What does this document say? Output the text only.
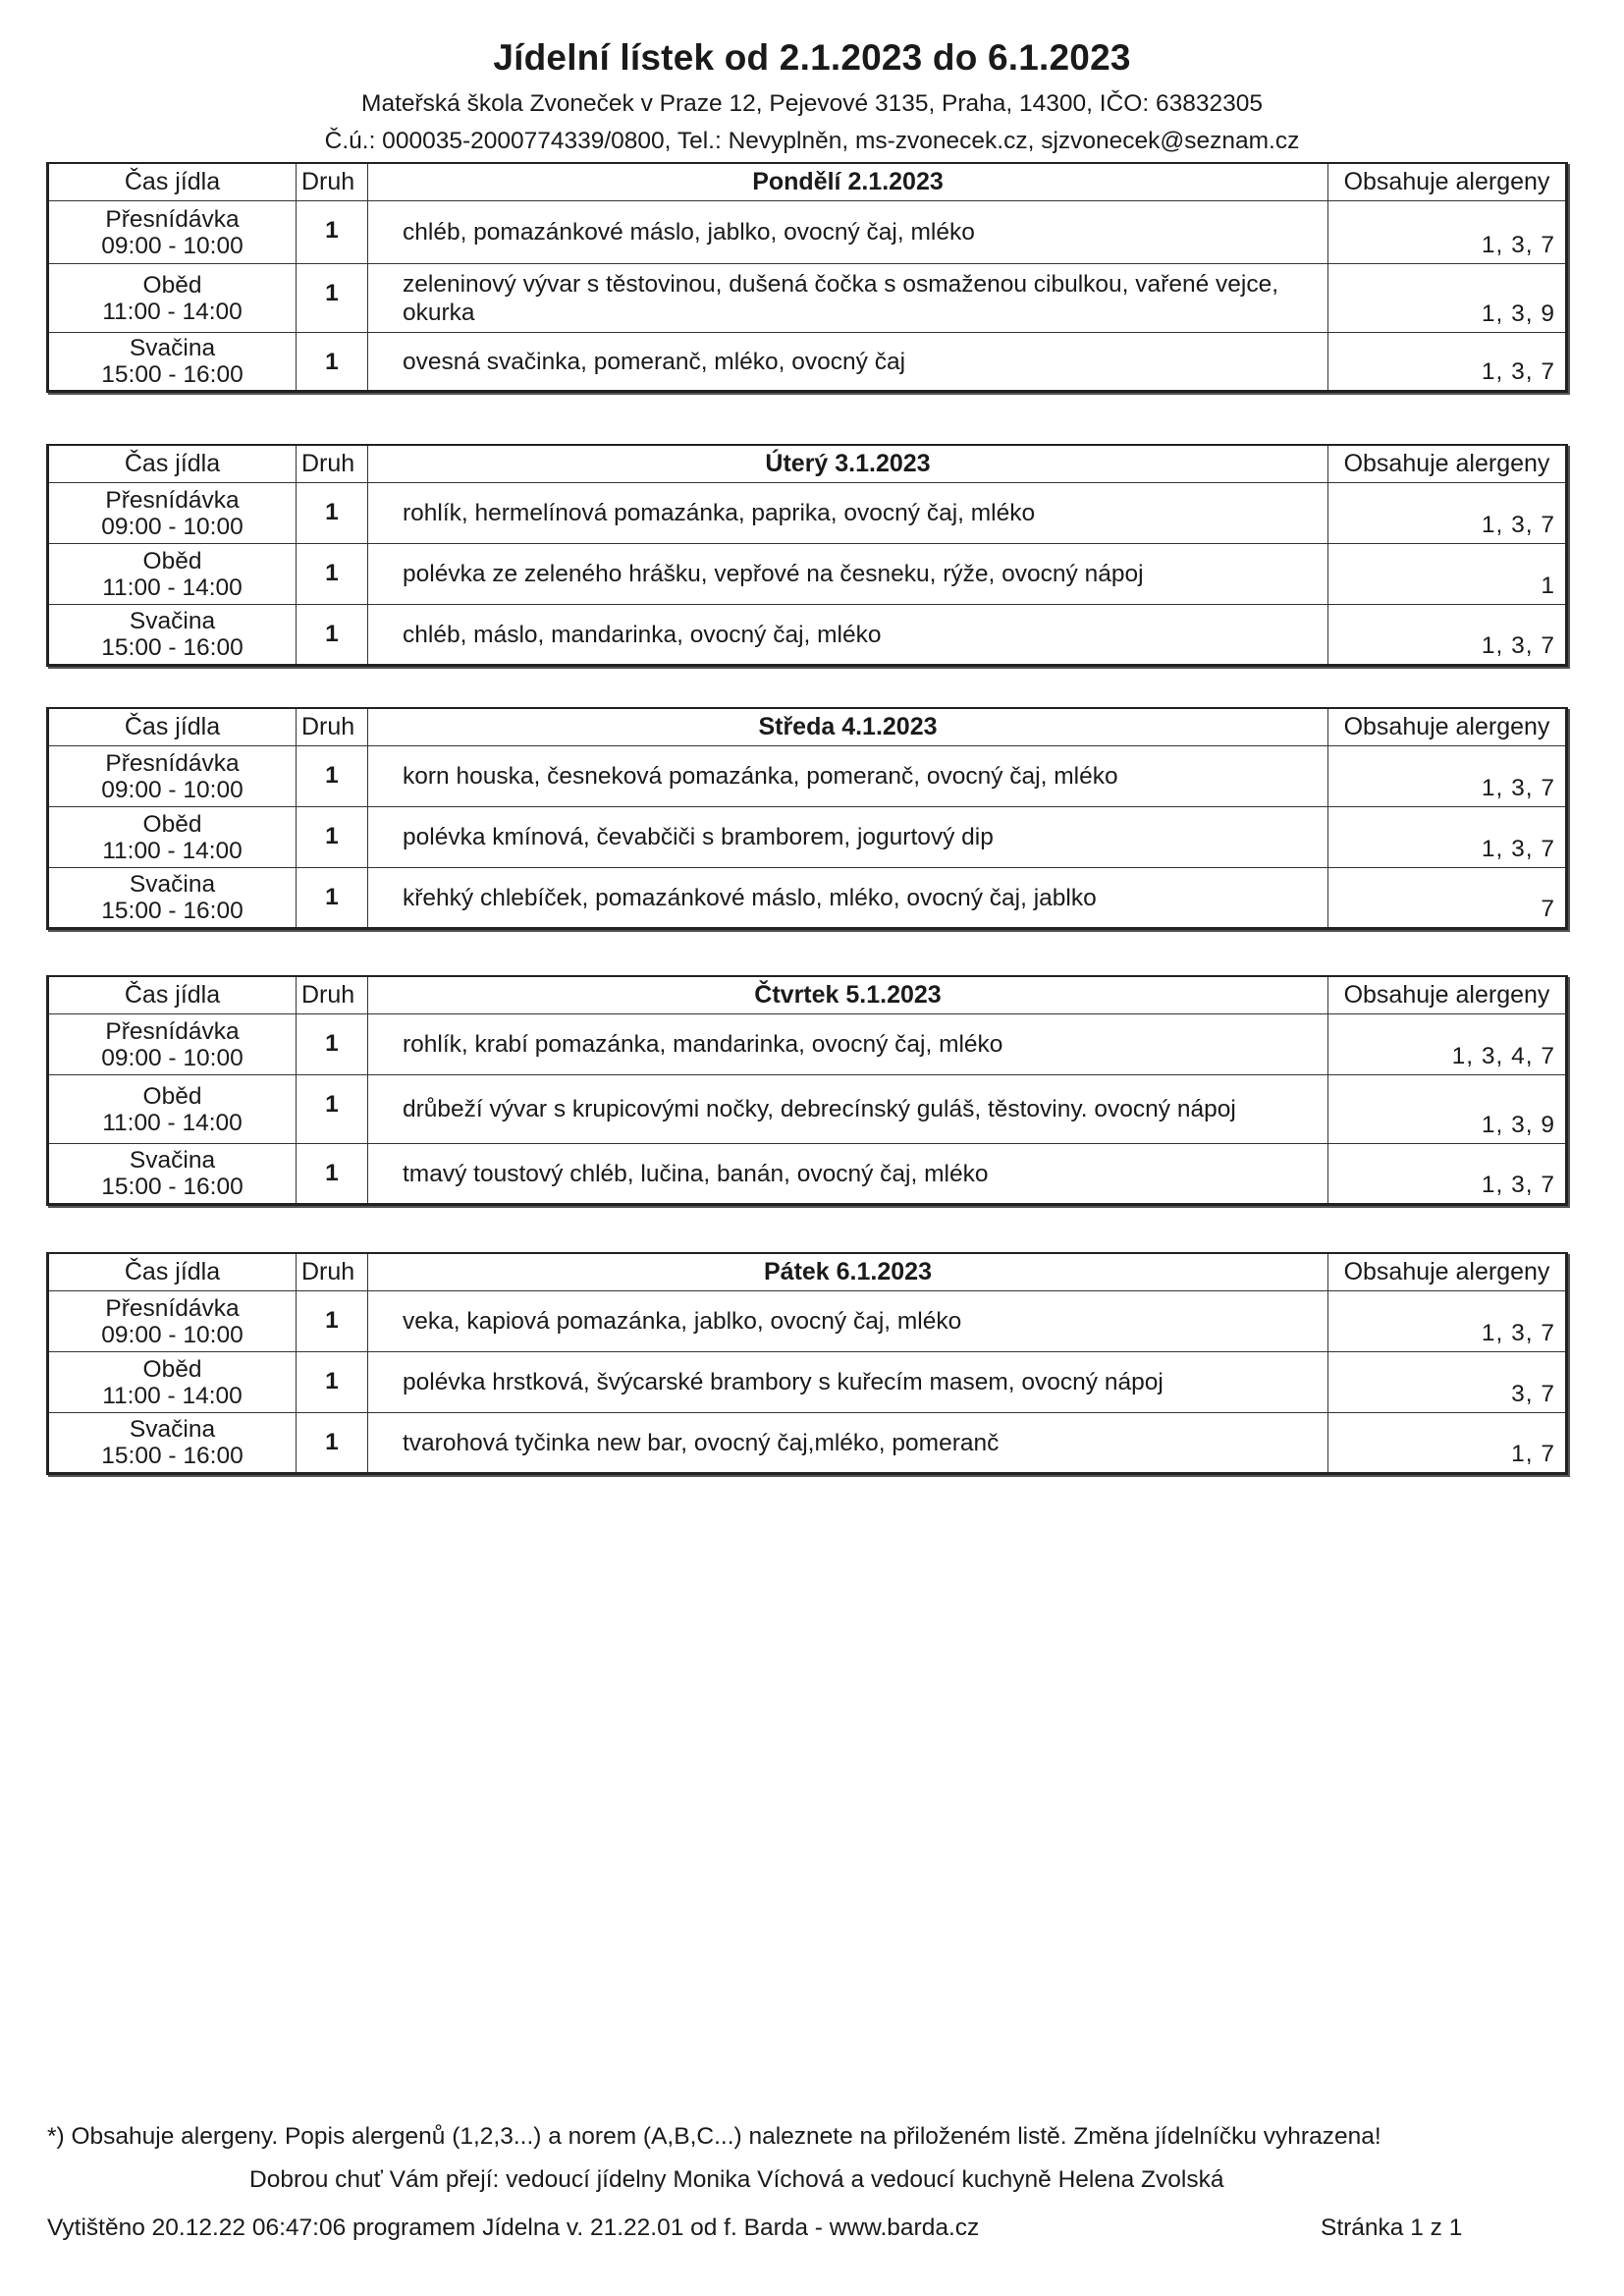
Jídelní lístek od 2.1.2023 do 6.1.2023
Mateřská škola Zvoneček v Praze 12, Pejevové 3135, Praha, 14300, IČO: 63832305
Č.ú.: 000035-2000774339/0800, Tel.: Nevyplněn, ms-zvonecek.cz, sjzvonecek@seznam.cz
Čas jídla	Druh	Pondělí 2.1.2023	Obsahuje alergeny

Přesnídávka
09:00 - 10:00	1	chléb, pomazánkové máslo, jablko, ovocný čaj, mléko	1, 3, 7

Oběd
11:00 - 14:00	1	zeleninový vývar s těstovinou, dušená čočka s osmaženou cibulkou, vařené vejce, okurka	1, 3, 9

Svačina
15:00 - 16:00	1	ovesná svačinka, pomeranč, mléko, ovocný čaj	1, 3, 7
Čas jídla	Druh	Úterý 3.1.2023	Obsahuje alergeny

Přesnídávka
09:00 - 10:00	1	rohlík, hermelínová pomazánka, paprika, ovocný čaj, mléko	1, 3, 7

Oběd
11:00 - 14:00	1	polévka ze zeleného hrášku, vepřové na česneku, rýže, ovocný nápoj	1

Svačina
15:00 - 16:00	1	chléb, máslo, mandarinka, ovocný čaj, mléko	1, 3, 7
Čas jídla	Druh	Středa 4.1.2023	Obsahuje alergeny

Přesnídávka
09:00 - 10:00	1	korn houska, česneková pomazánka, pomeranč, ovocný čaj, mléko	1, 3, 7

Oběd
11:00 - 14:00	1	polévka kmínová, čevabčiči s bramborem, jogurtový dip	1, 3, 7

Svačina
15:00 - 16:00	1	křehký chlebíček, pomazánkové máslo, mléko, ovocný čaj, jablko	7
Čas jídla	Druh	Čtvrtek 5.1.2023	Obsahuje alergeny

Přesnídávka
09:00 - 10:00	1	rohlík, krabí pomazánka, mandarinka, ovocný čaj, mléko	1, 3, 4, 7

Oběd
11:00 - 14:00	1	drůbeží vývar s krupicovými nočky, debrecínský guláš, těstoviny. ovocný nápoj	1, 3, 9

Svačina
15:00 - 16:00	1	tmavý toustový chléb, lučina, banán, ovocný čaj, mléko	1, 3, 7
Čas jídla	Druh	Pátek 6.1.2023	Obsahuje alergeny

Přesnídávka
09:00 - 10:00	1	veka, kapiová pomazánka, jablko, ovocný čaj, mléko	1, 3, 7

Oběd
11:00 - 14:00	1	polévka hrstková, švýcarské brambory s kuřecím masem, ovocný nápoj	3, 7

Svačina
15:00 - 16:00	1	tvarohová tyčinka new bar, ovocný čaj,mléko, pomeranč	1, 7
*) Obsahuje alergeny. Popis alergenů (1,2,3...) a norem (A,B,C...) naleznete na přiloženém listě. Změna jídelníčku vyhrazena!
Dobrou chuť Vám přejí: vedoucí jídelny Monika Víchová a vedoucí kuchyně Helena Zvolská
Vytištěno 20.12.22 06:47:06 programem Jídelna v. 21.22.01 od f. Barda - www.barda.cz	Stránka 1 z 1
